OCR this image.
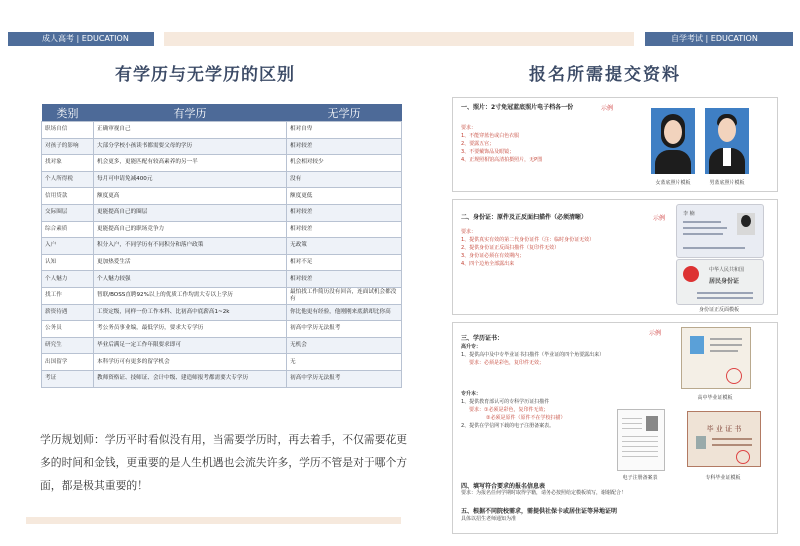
成人高考 | EDUCATION	自学考试 | EDUCATION
有学历与无学历的区别	报名所需提交资料
类别	有学历	无学历
职场自信	正确审视自己	相对自卑
对孩子的影响	大部分学校小孩读书都需要父母的学历	相对较差
找对象	机会更多，更能匹配有较高素养的另一半	机会相对较少
个人所得税	每月可申请免减400元	没有
信用贷款	额度更高	额度更低
交际圈层	更能提高自己的圈层	相对较差
综合素质	更能提高自己的职场竞争力	相对较差
入户	积分入户，不同学历有不同积分和落户政策	无政策
认知	更加热爱生活	相对不足
个人魅力	个人魅力较强	相对较差
找工作	智联/BOSS直聘92%以上的优质工作均需大专以上学历	最怕找工作简历没有回音，连面试机会都没有
薪资待遇	工资定级，同样一份工作本科、比初高中底薪高1~2k	你比他更有经验，他刚刚来底薪却比你高
公务员	考公务员事业编，最低学历，要求大专学历	初高中学历无法报考
研究生	毕业后满足一定工作年限要求即可	无机会
出国留学	本科学历可有更多的留学机会	无
考证	教师资格证、技师证、会计中级、建造师报考都需要大专学历	初高中学历无法报考
学历规划师：学历平时看似没有用，当需要学历时，再去着手，不仅需要花更多的时间和金钱，更重要的是人生机遇也会流失许多，学历不管是对于哪个方面，都是极其重要的！
一、照片：2寸免冠蓝底照片电子档各一份	示例
要求：
1、不能穿蓝色或白色衣服
2、要露五官；
3、不要戴饰品及眼镜；
4、正规照相馆高清拍摄照片，无P图
女蓝底照片模板	男蓝底照片模板
二、身份证：原件及正反面扫描件（必须清晰）	示例
要求：
1、提供真实有效的第二代身份证件（注：临时身份证无效）
2、提供身份证正反面扫描件（复印件无效）
3、身份证必须在有效期内；
4、四个边角全部露出来
李 楠
中华人民共和国
居民身份证
身份证正反面模板
三、学历证书：
示例
高升专：
1、提供高中及中专毕业证书扫描件（毕业证的四个角要露出来）
要求：必须是彩色，复印件无效；
专升本：
1、提供教育部认可的专科学历证扫描件
要求：①必须是彩色，复印件无效；
②必须是原件（原件不在学校扫描）
2、提供在学信网下载的电子注册备案表。
高中毕业证模板
电子注册备案表
毕 业 证 书
专科毕业证模板
四、填写符合要求的报名信息表
要求：为报名任何学期时取得学籍，请务必按照给定模板填写，谢谢配合！
五、根据不同院校需求，需提供社保卡或居住证等异地证明
具体以招生老师通知为准
